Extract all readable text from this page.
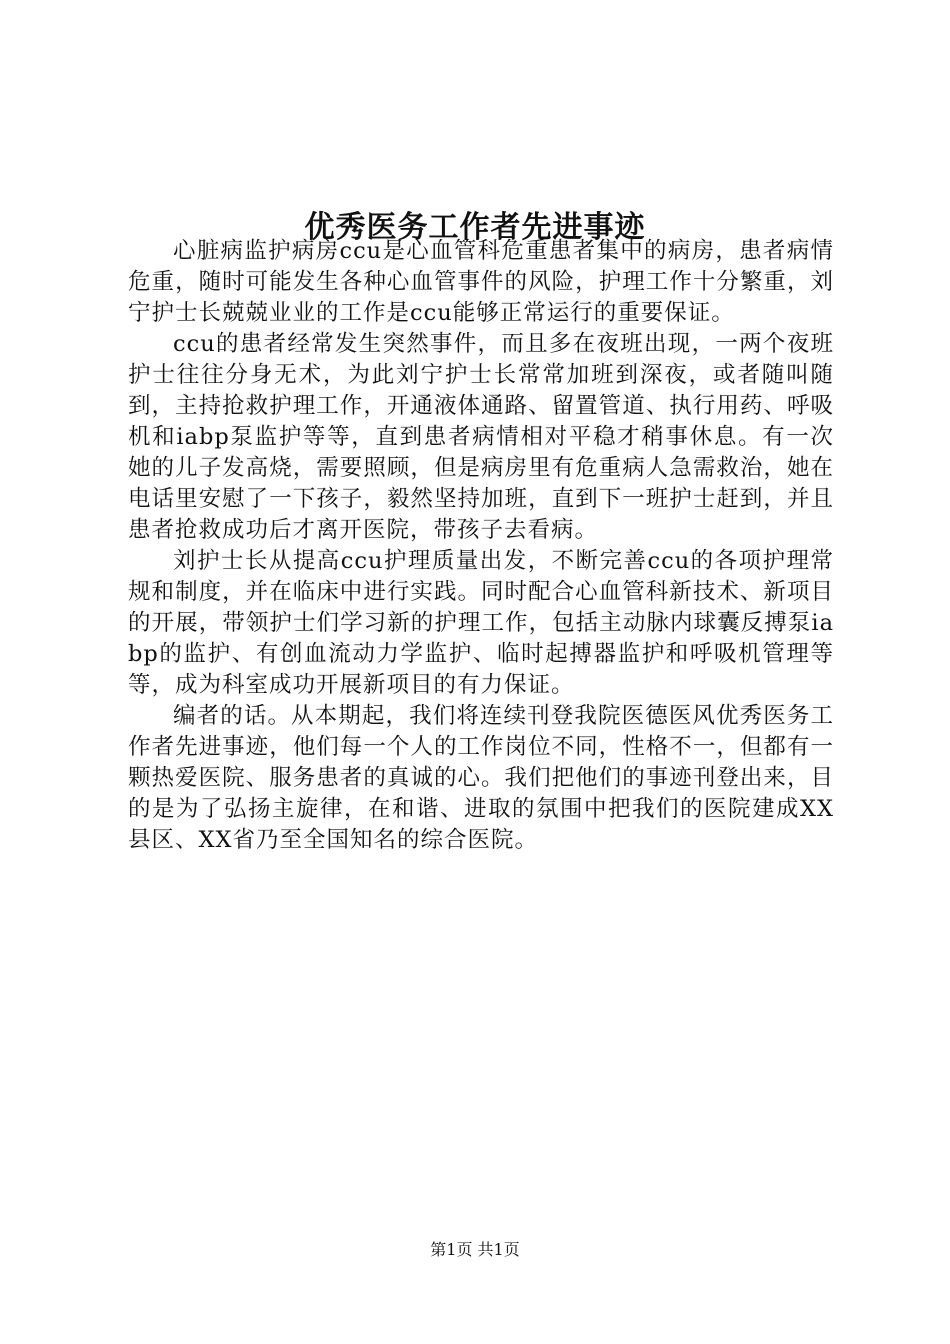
优秀医务工作者先进事迹

心脏病监护病房ccu是心血管科危重患者集中的病房，患者病情危重，随时可能发生各种心血管事件的风险，护理工作十分繁重，刘宁护士长兢兢业业的工作是ccu能够正常运行的重要保证。

ccu的患者经常发生突然事件，而且多在夜班出现，一两个夜班护士往往分身无术，为此刘宁护士长常常加班到深夜，或者随叫随到，主持抢救护理工作，开通液体通路、留置管道、执行用药、呼吸机和iabp泵监护等等，直到患者病情相对平稳才稍事休息。有一次她的儿子发高烧，需要照顾，但是病房里有危重病人急需救治，她在电话里安慰了一下孩子，毅然坚持加班，直到下一班护士赶到，并且患者抢救成功后才离开医院，带孩子去看病。

刘护士长从提高ccu护理质量出发，不断完善ccu的各项护理常规和制度，并在临床中进行实践。同时配合心血管科新技术、新项目的开展，带领护士们学习新的护理工作，包括主动脉内球囊反搏泵iabp的监护、有创血流动力学监护、临时起搏器监护和呼吸机管理等等，成为科室成功开展新项目的有力保证。

编者的话。从本期起，我们将连续刊登我院医德医风优秀医务工作者先进事迹，他们每一个人的工作岗位不同，性格不一，但都有一颗热爱医院、服务患者的真诚的心。我们把他们的事迹刊登出来，目的是为了弘扬主旋律，在和谐、进取的氛围中把我们的医院建成XX县区、XX省乃至全国知名的综合医院。

第1页 共1页
